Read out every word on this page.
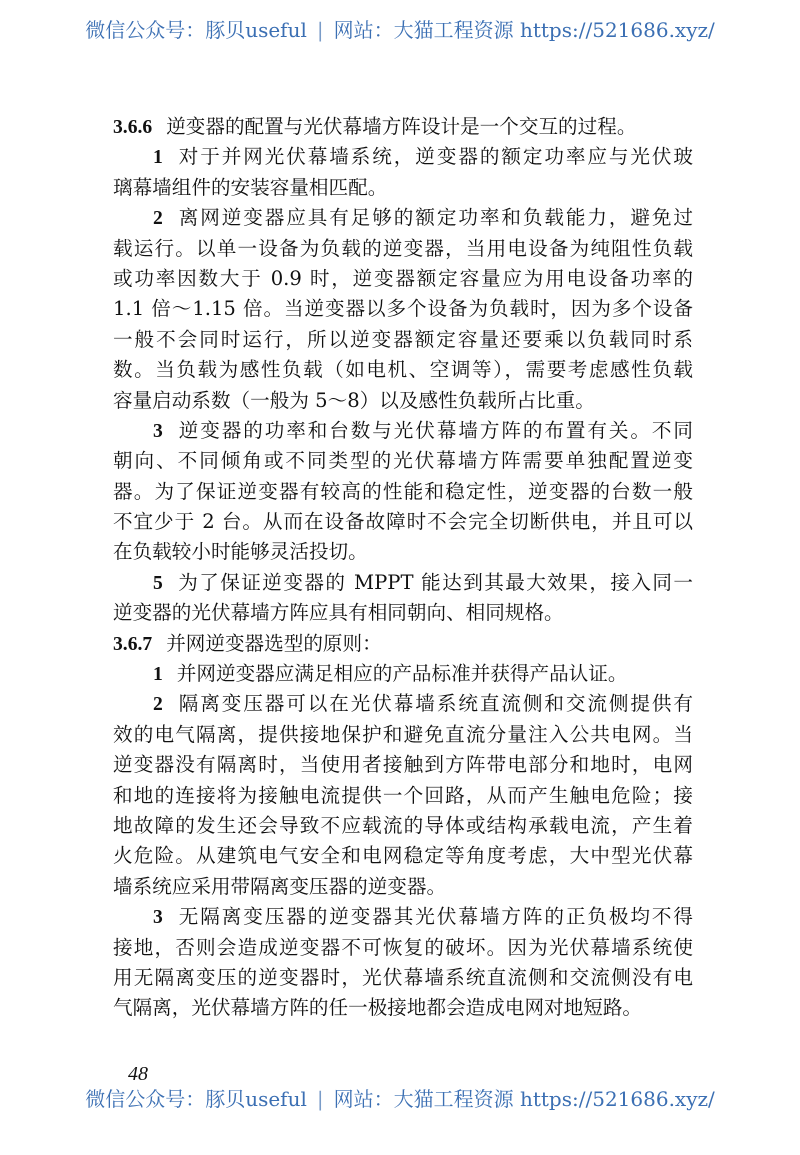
微信公众号：豚贝useful | 网站：大猫工程资源 https://521686.xyz/
3.6.6 逆变器的配置与光伏幕墙方阵设计是一个交互的过程。
1 对于并网光伏幕墙系统，逆变器的额定功率应与光伏玻
璃幕墙组件的安装容量相匹配。
2 离网逆变器应具有足够的额定功率和负载能力，避免过
载运行。以单一设备为负载的逆变器，当用电设备为纯阻性负载
或功率因数大于 0.9 时，逆变器额定容量应为用电设备功率的
1.1 倍～1.15 倍。当逆变器以多个设备为负载时，因为多个设备
一般不会同时运行，所以逆变器额定容量还要乘以负载同时系
数。当负载为感性负载（如电机、空调等），需要考虑感性负载
容量启动系数（一般为 5～8）以及感性负载所占比重。
3 逆变器的功率和台数与光伏幕墙方阵的布置有关。不同
朝向、不同倾角或不同类型的光伏幕墙方阵需要单独配置逆变
器。为了保证逆变器有较高的性能和稳定性，逆变器的台数一般
不宜少于 2 台。从而在设备故障时不会完全切断供电，并且可以
在负载较小时能够灵活投切。
5 为了保证逆变器的 MPPT 能达到其最大效果，接入同一
逆变器的光伏幕墙方阵应具有相同朝向、相同规格。
3.6.7 并网逆变器选型的原则：
1 并网逆变器应满足相应的产品标准并获得产品认证。
2 隔离变压器可以在光伏幕墙系统直流侧和交流侧提供有
效的电气隔离，提供接地保护和避免直流分量注入公共电网。当
逆变器没有隔离时，当使用者接触到方阵带电部分和地时，电网
和地的连接将为接触电流提供一个回路，从而产生触电危险；接
地故障的发生还会导致不应载流的导体或结构承载电流，产生着
火危险。从建筑电气安全和电网稳定等角度考虑，大中型光伏幕
墙系统应采用带隔离变压器的逆变器。
3 无隔离变压器的逆变器其光伏幕墙方阵的正负极均不得
接地，否则会造成逆变器不可恢复的破坏。因为光伏幕墙系统使
用无隔离变压的逆变器时，光伏幕墙系统直流侧和交流侧没有电
气隔离，光伏幕墙方阵的任一极接地都会造成电网对地短路。
48
微信公众号：豚贝useful | 网站：大猫工程资源 https://521686.xyz/
